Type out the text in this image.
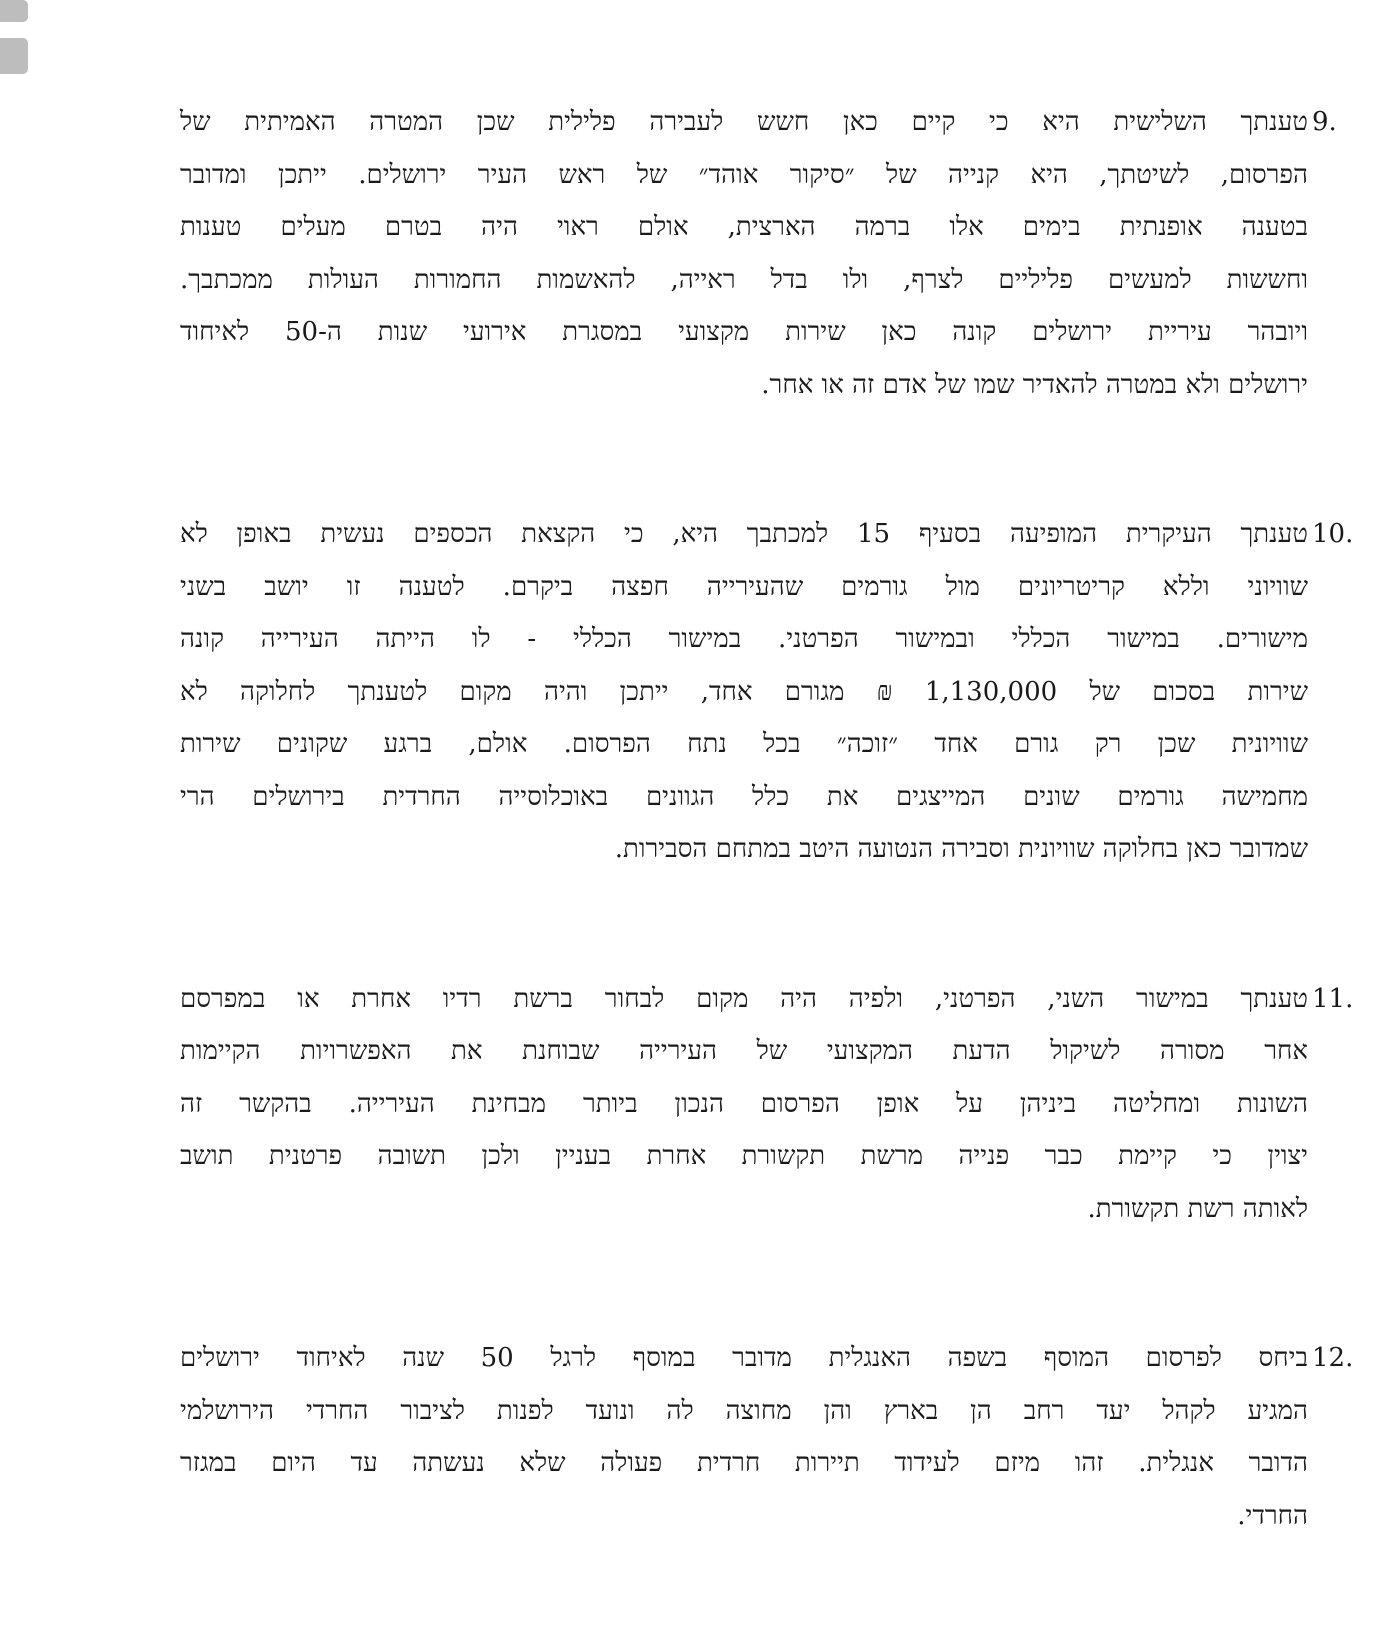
9.
טענתך השלישית היא כי קיים כאן חשש לעבירה פלילית שכן המטרה האמיתית של
הפרסום, לשיטתך, היא קנייה של ״סיקור אוהד״ של ראש העיר ירושלים. ייתכן ומדובר
בטענה אופנתית בימים אלו ברמה הארצית, אולם ראוי היה בטרם מעלים טענות
וחששות למעשים פליליים לצרף, ולו בדל ראייה, להאשמות החמורות העולות ממכתבך.
ויובהר עיריית ירושלים קונה כאן שירות מקצועי במסגרת אירועי שנות ה-50 לאיחוד
ירושלים ולא במטרה להאדיר שמו של אדם זה או אחר.
10.
טענתך העיקרית המופיעה בסעיף 15 למכתבך היא, כי הקצאת הכספים נעשית באופן לא
שוויוני וללא קריטריונים מול גורמים שהעירייה חפצה ביקרם. לטענה זו יושב בשני
מישורים. במישור הכללי ובמישור הפרטני. במישור הכללי - לו הייתה העירייה קונה
שירות בסכום של 1,130,000 ₪ מגורם אחד, ייתכן והיה מקום לטענתך לחלוקה לא
שוויונית שכן רק גורם אחד ״זוכה״ בכל נתח הפרסום. אולם, ברגע שקונים שירות
מחמישה גורמים שונים המייצגים את כלל הגוונים באוכלוסייה החרדית בירושלים הרי
שמדובר כאן בחלוקה שוויונית וסבירה הנטועה היטב במתחם הסבירות.
11.
טענתך במישור השני, הפרטני, ולפיה היה מקום לבחור ברשת רדיו אחרת או במפרסם
אחר מסורה לשיקול הדעת המקצועי של העירייה שבוחנת את האפשרויות הקיימות
השונות ומחליטה ביניהן על אופן הפרסום הנכון ביותר מבחינת העירייה. בהקשר זה
יצוין כי קיימת כבר פנייה מרשת תקשורת אחרת בעניין ולכן תשובה פרטנית תושב
לאותה רשת תקשורת.
12.
ביחס לפרסום המוסף בשפה האנגלית מדובר במוסף לרגל 50 שנה לאיחוד ירושלים
המגיע לקהל יעד רחב הן בארץ והן מחוצה לה ונועד לפנות לציבור החרדי הירושלמי
הדובר אנגלית. זהו מיזם לעידוד תיירות חרדית פעולה שלא נעשתה עד היום במגזר
החרדי.
